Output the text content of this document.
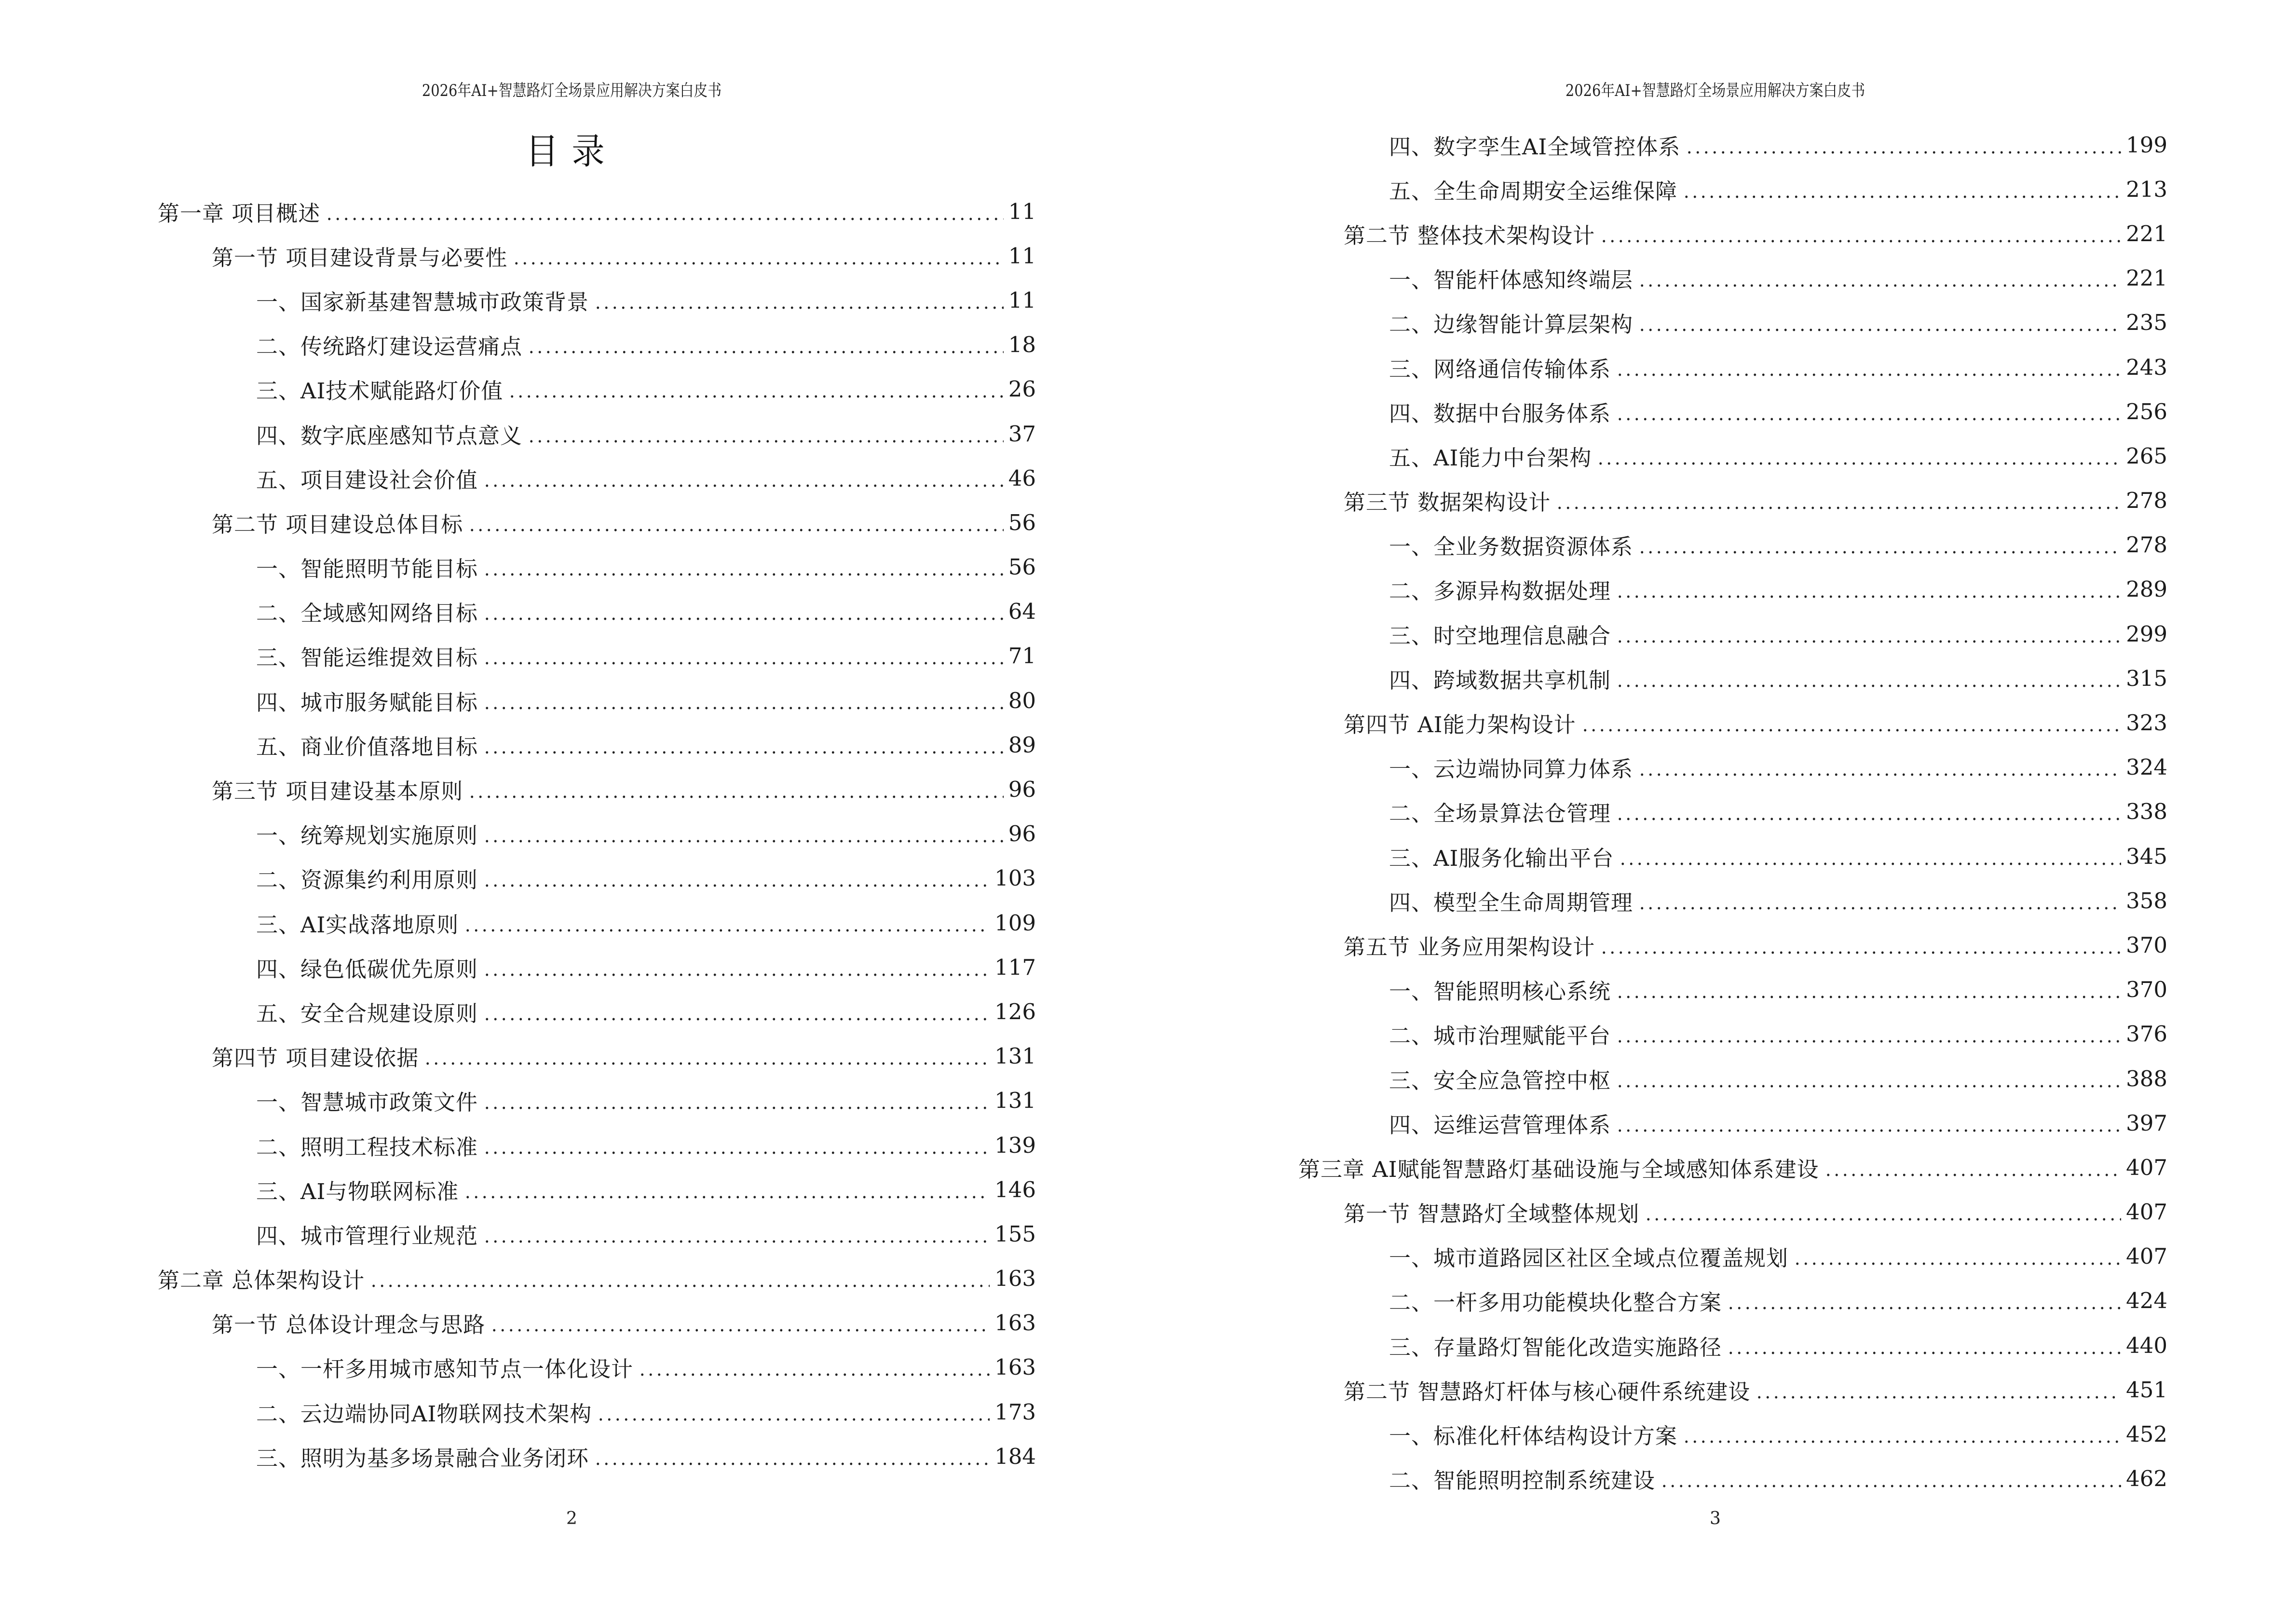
2026年AI+智慧路灯全场景应用解决方案白皮书
目录
第一章 项目概述	11
第一节 项目建设背景与必要性	11
一、国家新基建智慧城市政策背景	11
二、传统路灯建设运营痛点	18
三、AI技术赋能路灯价值	26
四、数字底座感知节点意义	37
五、项目建设社会价值	46
第二节 项目建设总体目标	56
一、智能照明节能目标	56
二、全域感知网络目标	64
三、智能运维提效目标	71
四、城市服务赋能目标	80
五、商业价值落地目标	89
第三节 项目建设基本原则	96
一、统筹规划实施原则	96
二、资源集约利用原则	103
三、AI实战落地原则	109
四、绿色低碳优先原则	117
五、安全合规建设原则	126
第四节 项目建设依据	131
一、智慧城市政策文件	131
二、照明工程技术标准	139
三、AI与物联网标准	146
四、城市管理行业规范	155
第二章 总体架构设计	163
第一节 总体设计理念与思路	163
一、一杆多用城市感知节点一体化设计	163
二、云边端协同AI物联网技术架构	173
三、照明为基多场景融合业务闭环	184
2
2026年AI+智慧路灯全场景应用解决方案白皮书
四、数字孪生AI全域管控体系	199
五、全生命周期安全运维保障	213
第二节 整体技术架构设计	221
一、智能杆体感知终端层	221
二、边缘智能计算层架构	235
三、网络通信传输体系	243
四、数据中台服务体系	256
五、AI能力中台架构	265
第三节 数据架构设计	278
一、全业务数据资源体系	278
二、多源异构数据处理	289
三、时空地理信息融合	299
四、跨域数据共享机制	315
第四节 AI能力架构设计	323
一、云边端协同算力体系	324
二、全场景算法仓管理	338
三、AI服务化输出平台	345
四、模型全生命周期管理	358
第五节 业务应用架构设计	370
一、智能照明核心系统	370
二、城市治理赋能平台	376
三、安全应急管控中枢	388
四、运维运营管理体系	397
第三章 AI赋能智慧路灯基础设施与全域感知体系建设	407
第一节 智慧路灯全域整体规划	407
一、城市道路园区社区全域点位覆盖规划	407
二、一杆多用功能模块化整合方案	424
三、存量路灯智能化改造实施路径	440
第二节 智慧路灯杆体与核心硬件系统建设	451
一、标准化杆体结构设计方案	452
二、智能照明控制系统建设	462
3
